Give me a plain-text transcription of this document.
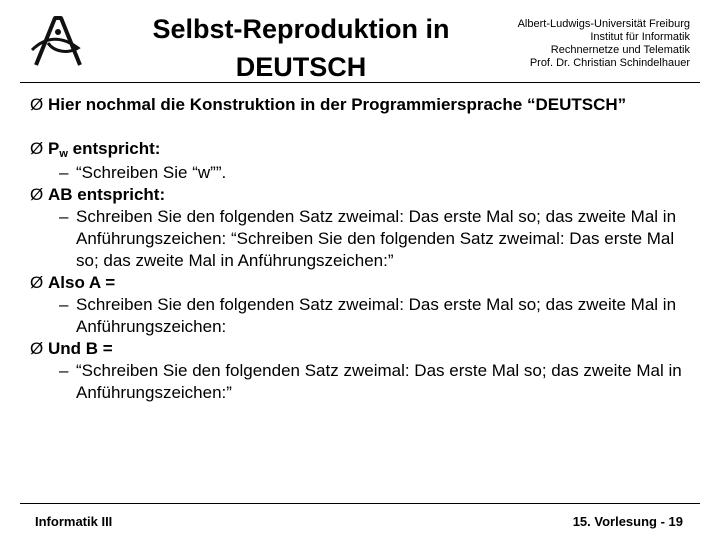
Selbst-Reproduktion in
DEUTSCH
Albert-Ludwigs-Universität Freiburg
Institut für Informatik
Rechnernetze und Telematik
Prof. Dr. Christian Schindelhauer
Ø Hier nochmal die Konstruktion in der Programmiersprache “DEUTSCH”
Ø $P_w$ entspricht:
– “Schreiben Sie “w””.
Ø AB entspricht:
– Schreiben Sie den folgenden Satz zweimal: Das erste Mal so; das zweite Mal in Anführungszeichen: “Schreiben Sie den folgenden Satz zweimal: Das erste Mal so; das zweite Mal in Anführungszeichen:”
Ø Also A =
– Schreiben Sie den folgenden Satz zweimal: Das erste Mal so; das zweite Mal in Anführungszeichen:
Ø Und B =
– “Schreiben Sie den folgenden Satz zweimal: Das erste Mal so; das zweite Mal in Anführungszeichen:”
Informatik III	15. Vorlesung - 19
